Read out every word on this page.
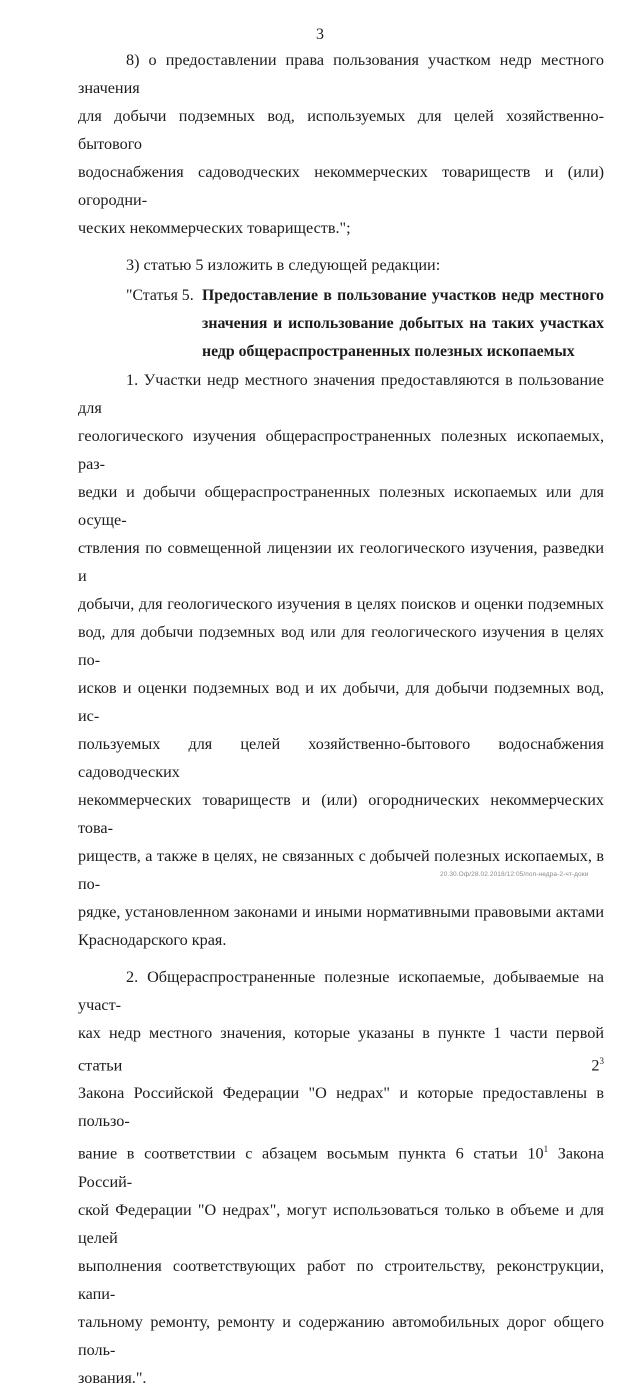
3

8) о предоставлении права пользования участком недр местного значения

для добычи подземных вод, используемых для целей хозяйственно-бытового

водоснабжения садоводческих некоммерческих товариществ и (или) огородни-

ческих некоммерческих товариществ.";

3) статью 5 изложить в следующей редакции:

"Статья 5. Предоставление в пользование участков недр местного
значения и использование добытых на таких участках
недр общераспространенных полезных ископаемых

1. Участки недр местного значения предоставляются в пользование для

геологического изучения общераспространенных полезных ископаемых, раз-

ведки и добычи общераспространенных полезных ископаемых или для осуще-

ствления по совмещенной лицензии их геологического изучения, разведки и

добычи, для геологического изучения в целях поисков и оценки подземных

вод, для добычи подземных вод или для геологического изучения в целях по-

исков и оценки подземных вод и их добычи, для добычи подземных вод, ис-

пользуемых для целей хозяйственно-бытового водоснабжения садоводческих

некоммерческих товариществ и (или) огороднических некоммерческих това-

риществ, а также в целях, не связанных с добычей полезных ископаемых, в по-

рядке, установленном законами и иными нормативными правовыми актами

Краснодарского края.

2. Общераспространенные полезные ископаемые, добываемые на участ-

ках недр местного значения, которые указаны в пункте 1 части первой статьи $2^3$

Закона Российской Федерации "О недрах" и которые предоставлены в пользо-

вание в соответствии с абзацем восьмым пункта 6 статьи $10^1$ Закона Россий-

ской Федерации "О недрах", могут использоваться только в объеме и для целей

выполнения соответствующих работ по строительству, реконструкции, капи-

тальному ремонту, ремонту и содержанию автомобильных дорог общего поль-

зования.".

20.30.Oф/28.02.2018/12:05/поп-недра-2-чт-доки
